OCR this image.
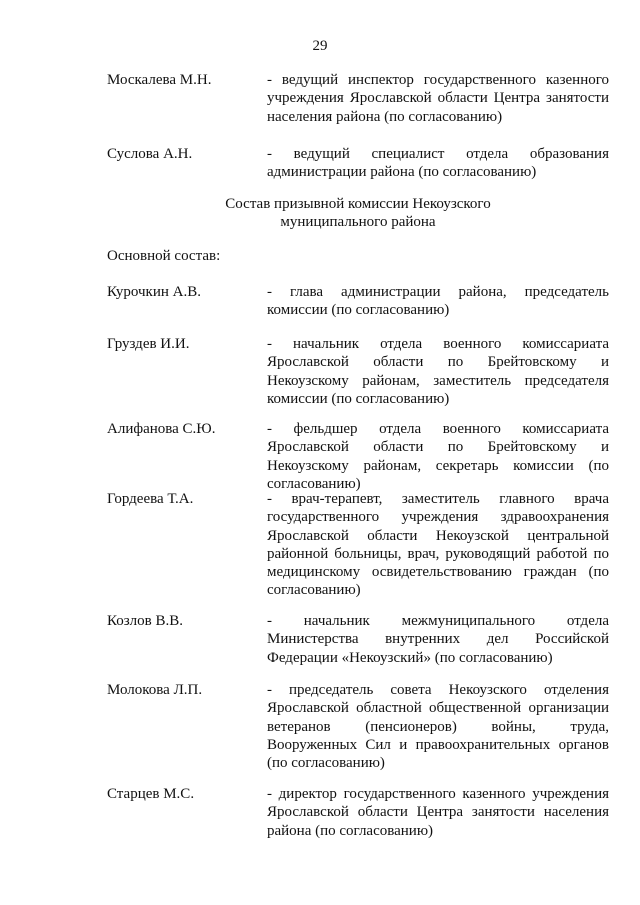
29
Москалева М.Н.	- ведущий инспектор государственного казенного учреждения Ярославской области Центра занятости населения района (по согласованию)
Суслова А.Н.	- ведущий специалист отдела образования администрации района (по согласованию)
Состав призывной комиссии Некоузского
муниципального района
Основной состав:
Курочкин А.В.	- глава администрации района, председатель комиссии (по согласованию)
Груздев И.И.	- начальник отдела военного комиссариата Ярославской области по Брейтовскому и Некоузскому районам, заместитель председателя комиссии (по согласованию)
Алифанова С.Ю.	- фельдшер отдела военного комиссариата Ярославской области по Брейтовскому и Некоузскому районам, секретарь комиссии (по согласованию)
Гордеева Т.А.	- врач-терапевт, заместитель главного врача государственного учреждения здравоохранения Ярославской области Некоузской центральной районной больницы, врач, руководящий работой по медицинскому освидетельствованию граждан (по согласованию)
Козлов В.В.	- начальник межмуниципального отдела Министерства внутренних дел Российской Федерации «Некоузский» (по согласованию)
Молокова Л.П.	- председатель совета Некоузского отделения Ярославской областной общественной организации ветеранов (пенсионеров) войны, труда, Вооруженных Сил и правоохранительных органов (по согласованию)
Старцев М.С.	- директор государственного казенного учреждения Ярославской области Центра занятости населения района (по согласованию)
